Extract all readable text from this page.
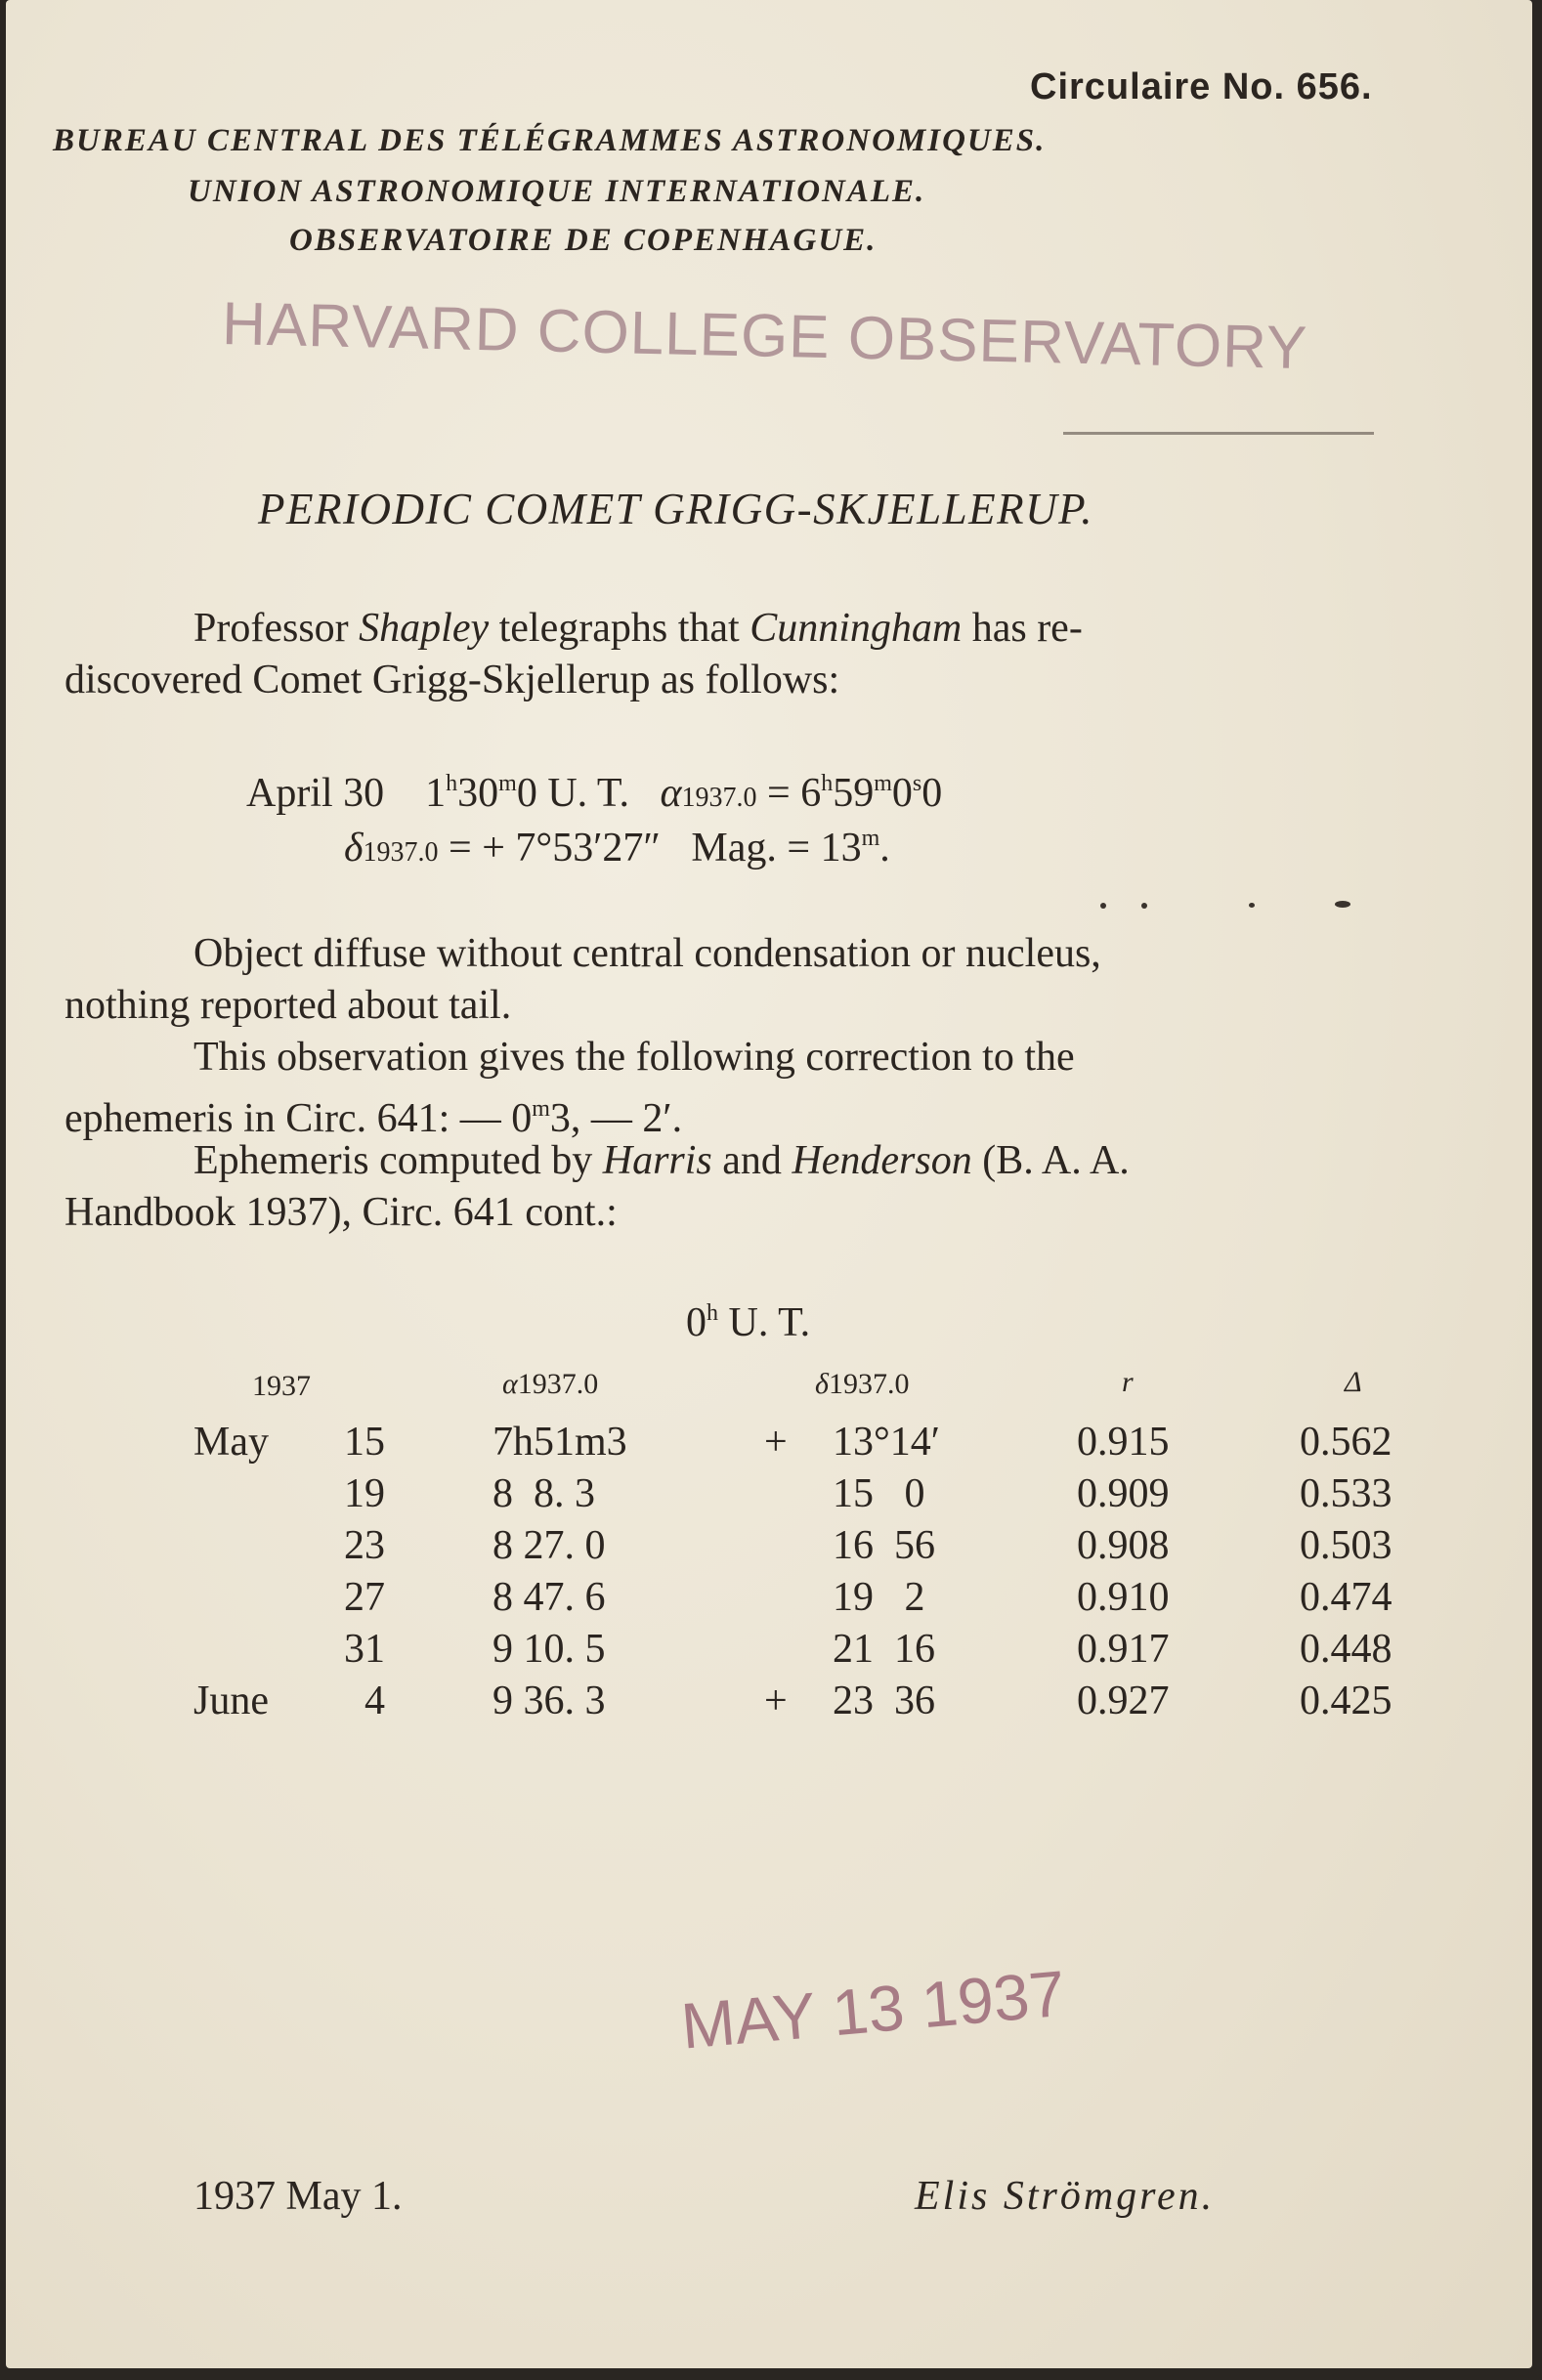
Circulaire No. 656.
BUREAU CENTRAL DES TÉLÉGRAMMES ASTRONOMIQUES.
UNION ASTRONOMIQUE INTERNATIONALE.
OBSERVATOIRE DE COPENHAGUE.
HARVARD COLLEGE OBSERVATORY
PERIODIC COMET GRIGG-SKJELLERUP.
Professor Shapley telegraphs that Cunningham has re-
discovered Comet Grigg-Skjellerup as follows:
April 30 1$^h$30$^m$0 U. T. $\alpha 1937.0 = 6^h59^m0^s0$
δ1937.0 = + 7°53′27″ Mag. = $13^m$.
Object diffuse without central condensation or nucleus,
nothing reported about tail.
This observation gives the following correction to the
ephemeris in Circ. 641: — 0$^m$3, — 2′.
Ephemeris computed by Harris and Henderson (B. A. A.
Handbook 1937), Circ. 641 cont.:
0$^h$ U. T.
1937	α1937.0	δ1937.0	r	Δ
May 15	7h51m3	+ 13°14′	0.915	0.562
19	8  8. 3	15   0	0.909	0.533
23	8 27. 0	16  56	0.908	0.503
27	8 47. 6	19   2	0.910	0.474
31	9 10. 5	21  16	0.917	0.448
June 4	9 36. 3	+ 23  36	0.927	0.425
MAY 13 1937
1937 May 1.	Elis Strömgren.
